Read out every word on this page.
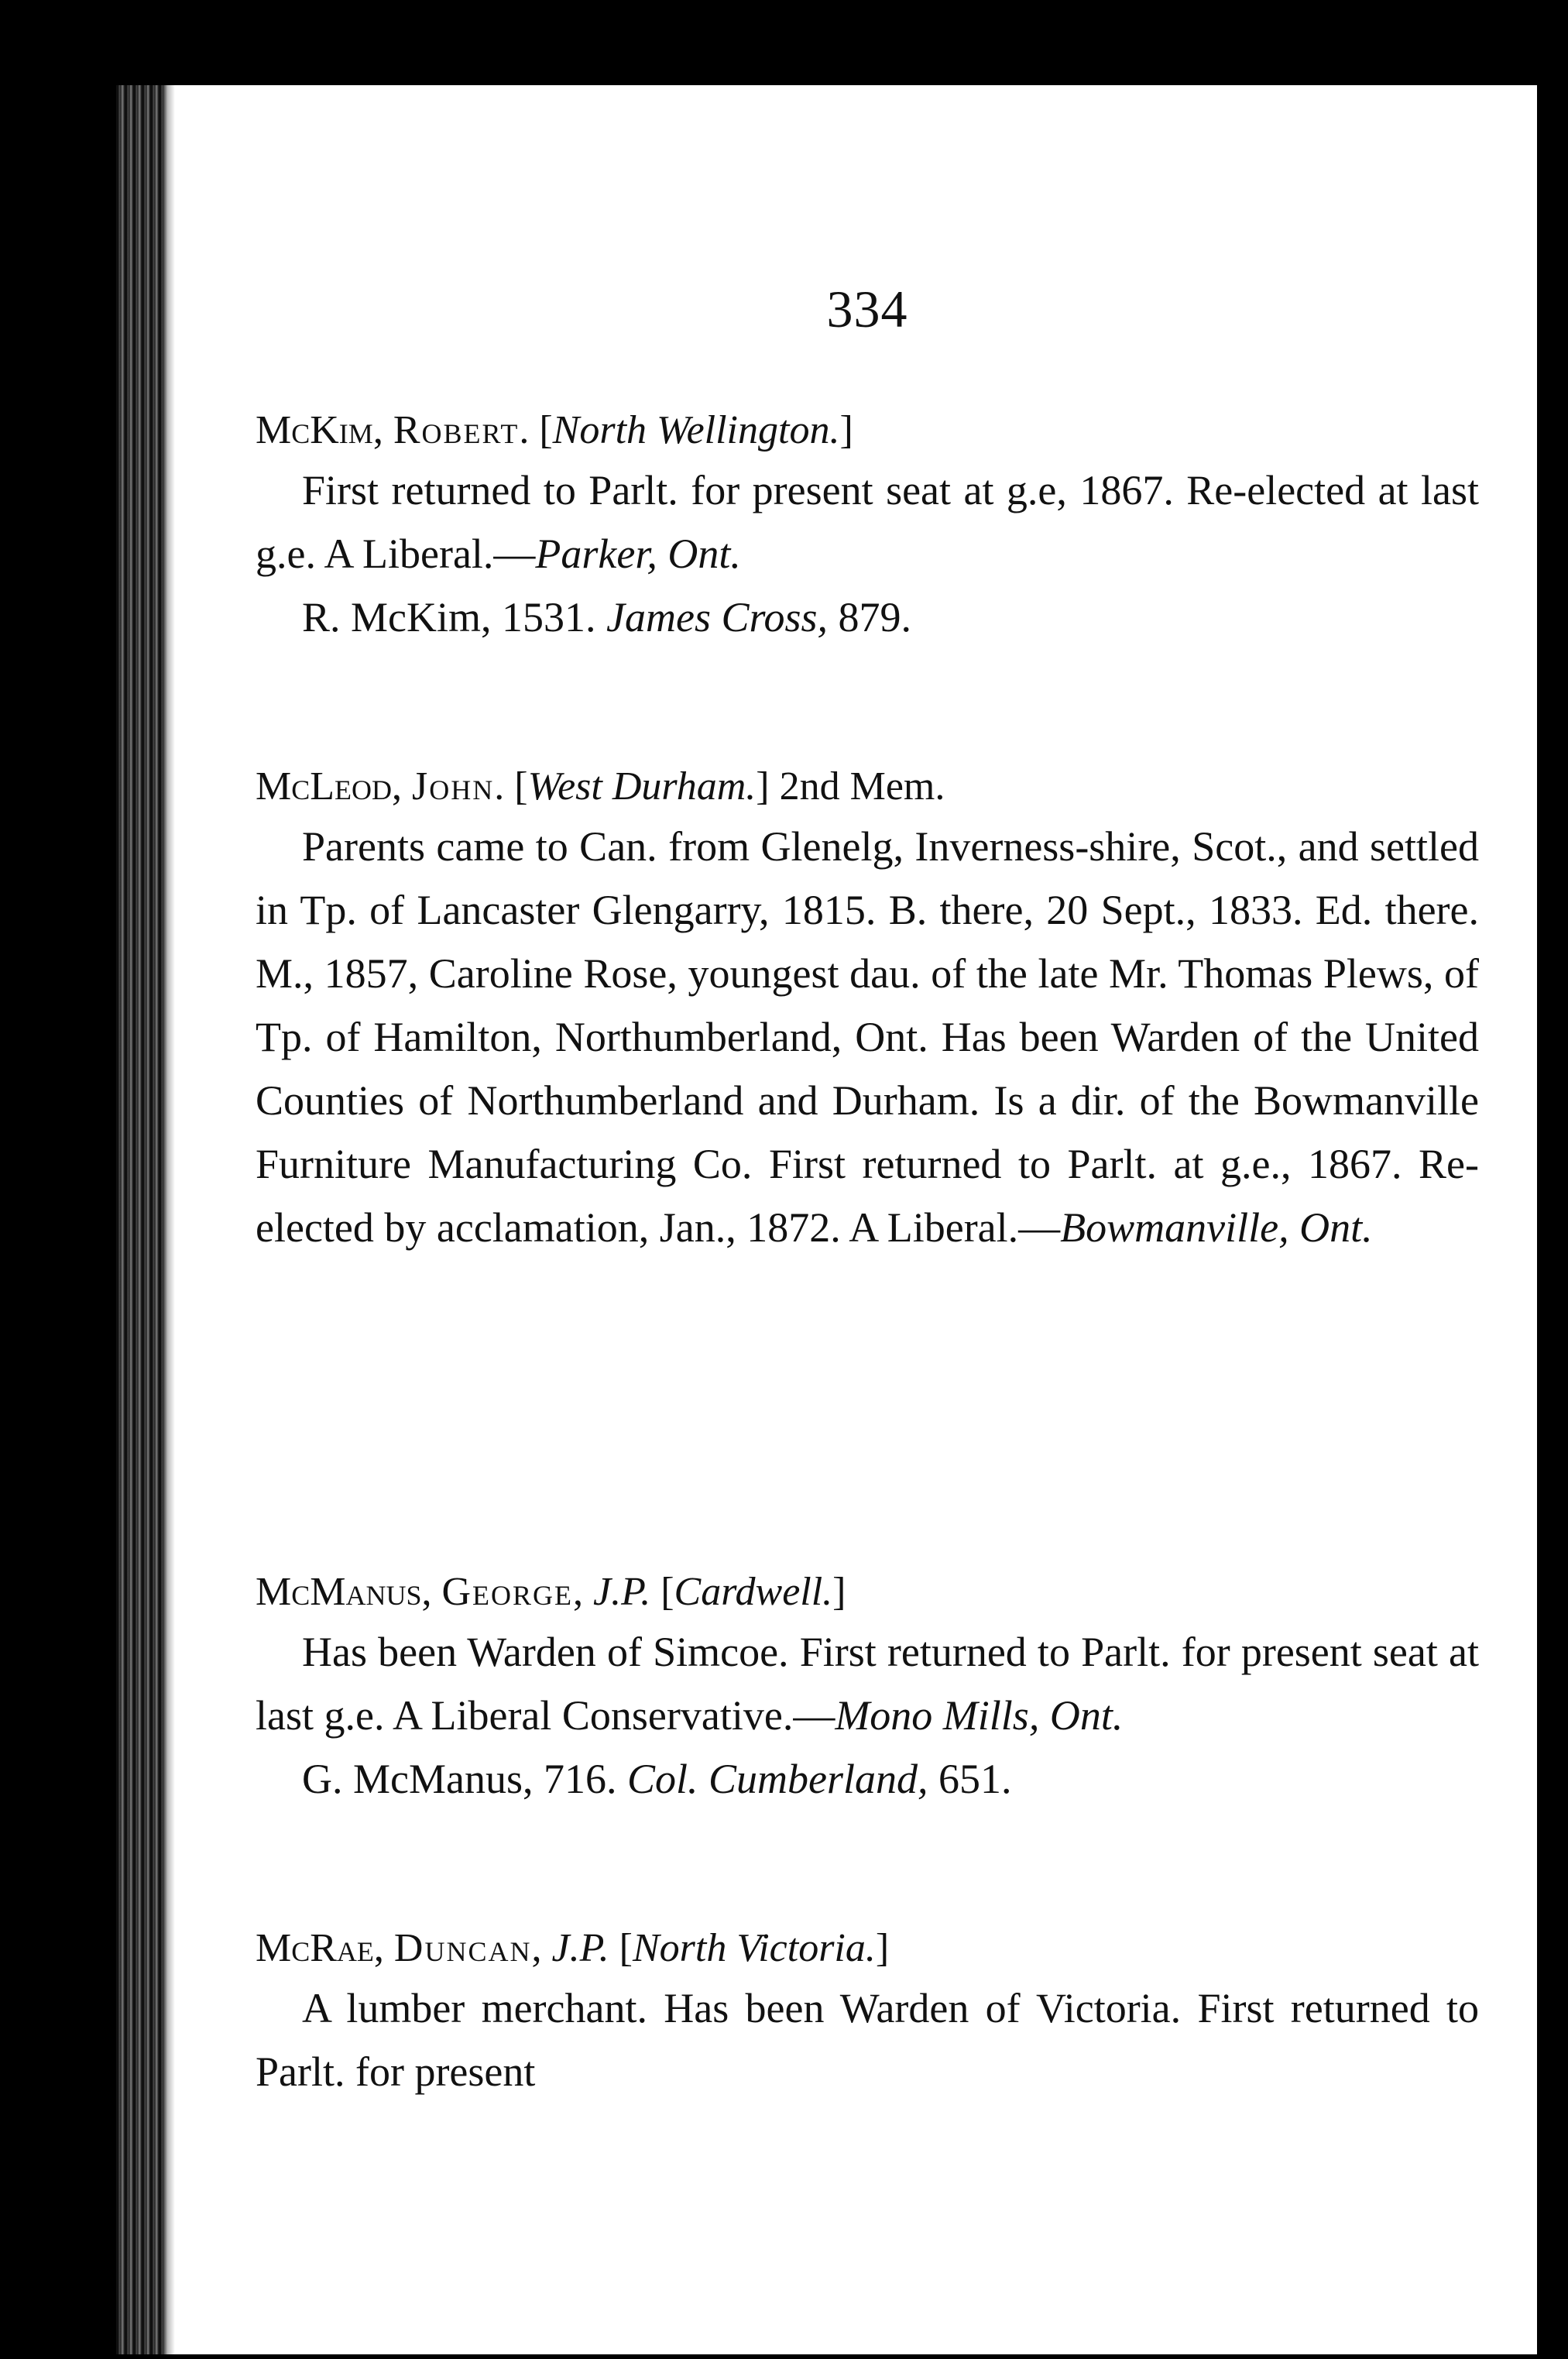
334

McKim, Robert. [North Wellington.]

First returned to Parlt. for present seat at g.e, 1867. Re-elected at last g.e. A Liberal.—Parker, Ont.

R. McKim, 1531. James Cross, 879.

McLeod, John. [West Durham.] 2nd Mem.

Parents came to Can. from Glenelg, Inverness-shire, Scot., and settled in Tp. of Lancaster Glengarry, 1815. B. there, 20 Sept., 1833. Ed. there. M., 1857, Caroline Rose, youngest dau. of the late Mr. Thomas Plews, of Tp. of Hamilton, Northumberland, Ont. Has been Warden of the United Counties of Northumberland and Durham. Is a dir. of the Bowmanville Furniture Manufacturing Co. First returned to Parlt. at g.e., 1867. Re-elected by acclamation, Jan., 1872. A Liberal.—Bowmanville, Ont.

McManus, George, J.P. [Cardwell.]

Has been Warden of Simcoe. First returned to Parlt. for present seat at last g.e. A Liberal Conservative.—Mono Mills, Ont.

G. McManus, 716. Col. Cumberland, 651.

McRae, Duncan, J.P. [North Victoria.]

A lumber merchant. Has been Warden of Victoria. First returned to Parlt. for present
